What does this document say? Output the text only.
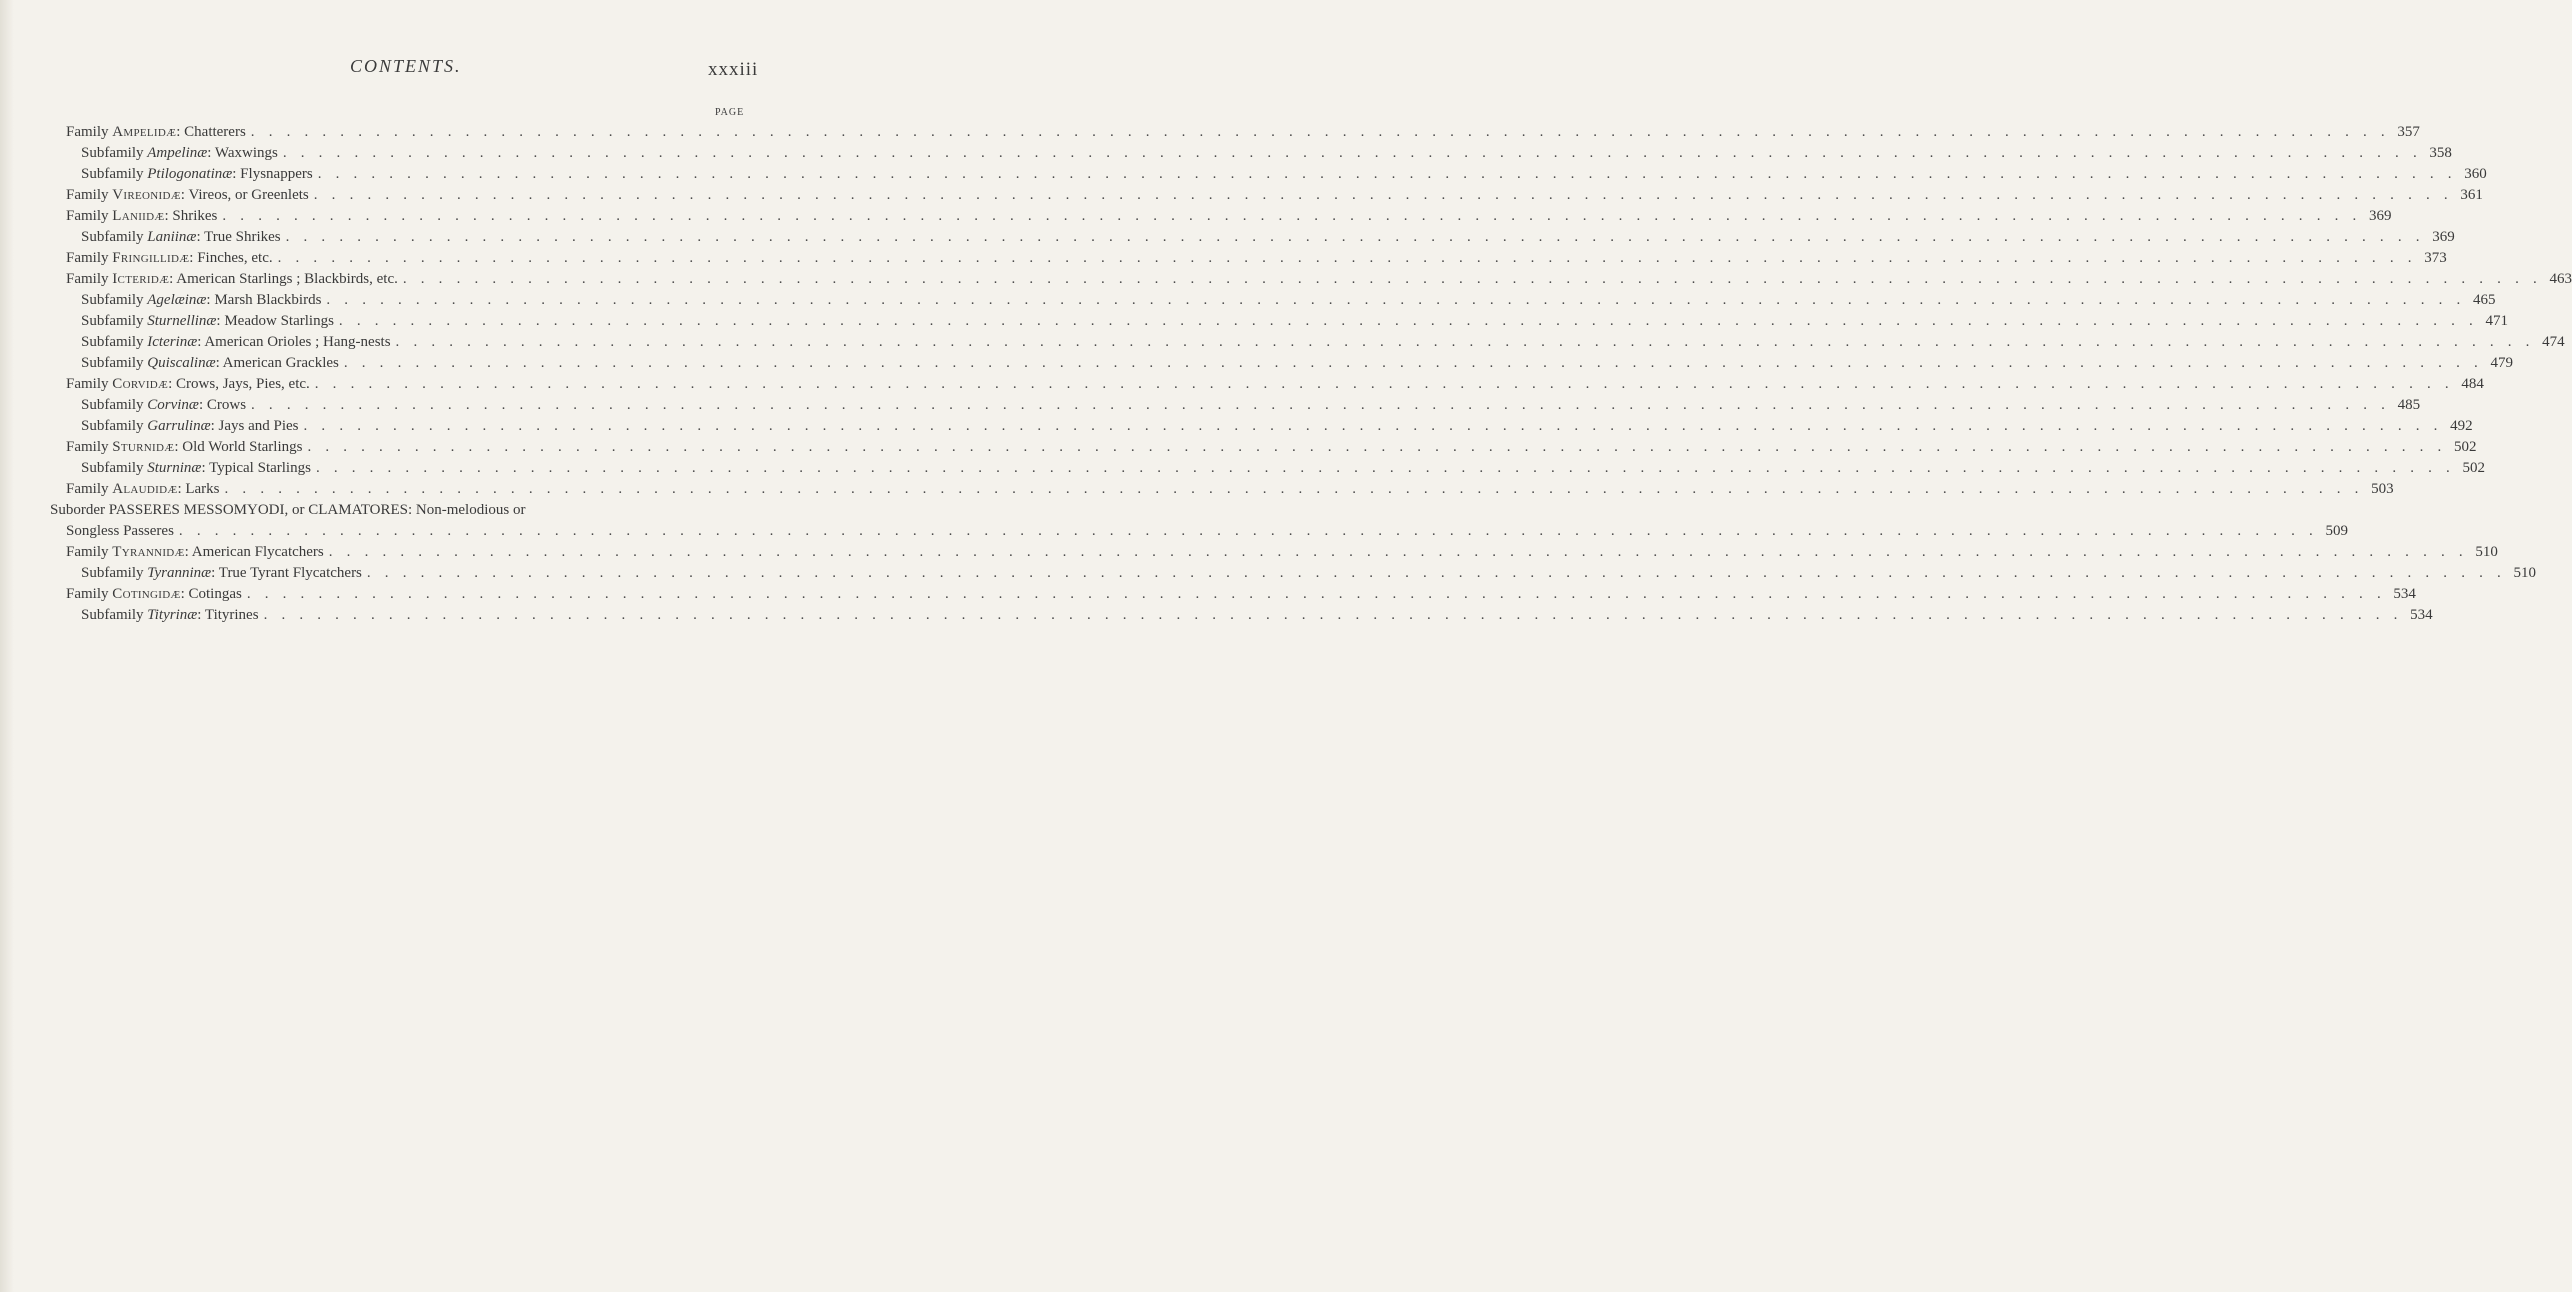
CONTENTS.	xxxiii
PAGE
Family Ampelidæ: Chatterers . . . . . . . . . . . . . . . . . . . . . . . . . . . . . . . . . . . . . . . . . . . . . . . . . . . . . . . . . . . . . . . . . . . . . . . . . . . . . . . . . . . . . . . . . . . . . . . . . . . . . . . . . . . . . . . . . . . . . . . . 357
Subfamily Ampelinæ: Waxwings . . . . . . . . . . . . . . . . . . . . . . . . . . . . . . . . . . . . . . . . . . . . . . . . . . . . . . . . . . . . . . . . . . . . . . . . . . . . . . . . . . . . . . . . . . . . . . . . . . . . . . . . . . . . . . . . . . . . . . . . 358
Subfamily Ptilogonatinæ: Flysnappers . . . . . . . . . . . . . . . . . . . . . . . . . . . . . . . . . . . . . . . . . . . . . . . . . . . . . . . . . . . . . . . . . . . . . . . . . . . . . . . . . . . . . . . . . . . . . . . . . . . . . . . . . . . . . . . . . . . . . . . . 360
Family Vireonidæ: Vireos, or Greenlets . . . . . . . . . . . . . . . . . . . . . . . . . . . . . . . . . . . . . . . . . . . . . . . . . . . . . . . . . . . . . . . . . . . . . . . . . . . . . . . . . . . . . . . . . . . . . . . . . . . . . . . . . . . . . . . . . . . . . . . . 361
Family Laniidæ: Shrikes . . . . . . . . . . . . . . . . . . . . . . . . . . . . . . . . . . . . . . . . . . . . . . . . . . . . . . . . . . . . . . . . . . . . . . . . . . . . . . . . . . . . . . . . . . . . . . . . . . . . . . . . . . . . . . . . . . . . . . . . 369
Subfamily Laniinæ: True Shrikes . . . . . . . . . . . . . . . . . . . . . . . . . . . . . . . . . . . . . . . . . . . . . . . . . . . . . . . . . . . . . . . . . . . . . . . . . . . . . . . . . . . . . . . . . . . . . . . . . . . . . . . . . . . . . . . . . . . . . . . . 369
Family Fringillidæ: Finches, etc. . . . . . . . . . . . . . . . . . . . . . . . . . . . . . . . . . . . . . . . . . . . . . . . . . . . . . . . . . . . . . . . . . . . . . . . . . . . . . . . . . . . . . . . . . . . . . . . . . . . . . . . . . . . . . . . . . . . . . . . . 373
Family Icteridæ: American Starlings ; Blackbirds, etc. . . . . . . . . . . . . . . . . . . . . . . . . . . . . . . . . . . . . . . . . . . . . . . . . . . . . . . . . . . . . . . . . . . . . . . . . . . . . . . . . . . . . . . . . . . . . . . . . . . . . . . . . . . . . . . . . . . . . . . . . 463
Subfamily Agelæinæ: Marsh Blackbirds . . . . . . . . . . . . . . . . . . . . . . . . . . . . . . . . . . . . . . . . . . . . . . . . . . . . . . . . . . . . . . . . . . . . . . . . . . . . . . . . . . . . . . . . . . . . . . . . . . . . . . . . . . . . . . . . . . . . . . . . 465
Subfamily Sturnellinæ: Meadow Starlings . . . . . . . . . . . . . . . . . . . . . . . . . . . . . . . . . . . . . . . . . . . . . . . . . . . . . . . . . . . . . . . . . . . . . . . . . . . . . . . . . . . . . . . . . . . . . . . . . . . . . . . . . . . . . . . . . . . . . . . . 471
Subfamily Icterinæ: American Orioles ; Hang-nests . . . . . . . . . . . . . . . . . . . . . . . . . . . . . . . . . . . . . . . . . . . . . . . . . . . . . . . . . . . . . . . . . . . . . . . . . . . . . . . . . . . . . . . . . . . . . . . . . . . . . . . . . . . . . . . . . . . . . . . . 474
Subfamily Quiscalinæ: American Grackles . . . . . . . . . . . . . . . . . . . . . . . . . . . . . . . . . . . . . . . . . . . . . . . . . . . . . . . . . . . . . . . . . . . . . . . . . . . . . . . . . . . . . . . . . . . . . . . . . . . . . . . . . . . . . . . . . . . . . . . . 479
Family Corvidæ: Crows, Jays, Pies, etc. . . . . . . . . . . . . . . . . . . . . . . . . . . . . . . . . . . . . . . . . . . . . . . . . . . . . . . . . . . . . . . . . . . . . . . . . . . . . . . . . . . . . . . . . . . . . . . . . . . . . . . . . . . . . . . . . . . . . . . . . 484
Subfamily Corvinæ: Crows . . . . . . . . . . . . . . . . . . . . . . . . . . . . . . . . . . . . . . . . . . . . . . . . . . . . . . . . . . . . . . . . . . . . . . . . . . . . . . . . . . . . . . . . . . . . . . . . . . . . . . . . . . . . . . . . . . . . . . . . 485
Subfamily Garrulinæ: Jays and Pies . . . . . . . . . . . . . . . . . . . . . . . . . . . . . . . . . . . . . . . . . . . . . . . . . . . . . . . . . . . . . . . . . . . . . . . . . . . . . . . . . . . . . . . . . . . . . . . . . . . . . . . . . . . . . . . . . . . . . . . . 492
Family Sturnidæ: Old World Starlings . . . . . . . . . . . . . . . . . . . . . . . . . . . . . . . . . . . . . . . . . . . . . . . . . . . . . . . . . . . . . . . . . . . . . . . . . . . . . . . . . . . . . . . . . . . . . . . . . . . . . . . . . . . . . . . . . . . . . . . . 502
Subfamily Sturninæ: Typical Starlings . . . . . . . . . . . . . . . . . . . . . . . . . . . . . . . . . . . . . . . . . . . . . . . . . . . . . . . . . . . . . . . . . . . . . . . . . . . . . . . . . . . . . . . . . . . . . . . . . . . . . . . . . . . . . . . . . . . . . . . . 502
Family Alaudidæ: Larks . . . . . . . . . . . . . . . . . . . . . . . . . . . . . . . . . . . . . . . . . . . . . . . . . . . . . . . . . . . . . . . . . . . . . . . . . . . . . . . . . . . . . . . . . . . . . . . . . . . . . . . . . . . . . . . . . . . . . . . . 503
Suborder PASSERES MESSOMYODI, or CLAMATORES: Non-melodious or
Songless Passeres . . . . . . . . . . . . . . . . . . . . . . . . . . . . . . . . . . . . . . . . . . . . . . . . . . . . . . . . . . . . . . . . . . . . . . . . . . . . . . . . . . . . . . . . . . . . . . . . . . . . . . . . . . . . . . . . . . . . . . . . 509
Family Tyrannidæ: American Flycatchers . . . . . . . . . . . . . . . . . . . . . . . . . . . . . . . . . . . . . . . . . . . . . . . . . . . . . . . . . . . . . . . . . . . . . . . . . . . . . . . . . . . . . . . . . . . . . . . . . . . . . . . . . . . . . . . . . . . . . . . . 510
Subfamily Tyranninæ: True Tyrant Flycatchers . . . . . . . . . . . . . . . . . . . . . . . . . . . . . . . . . . . . . . . . . . . . . . . . . . . . . . . . . . . . . . . . . . . . . . . . . . . . . . . . . . . . . . . . . . . . . . . . . . . . . . . . . . . . . . . . . . . . . . . . 510
Family Cotingidæ: Cotingas . . . . . . . . . . . . . . . . . . . . . . . . . . . . . . . . . . . . . . . . . . . . . . . . . . . . . . . . . . . . . . . . . . . . . . . . . . . . . . . . . . . . . . . . . . . . . . . . . . . . . . . . . . . . . . . . . . . . . . . . 534
Subfamily Tityrinæ: Tityrines . . . . . . . . . . . . . . . . . . . . . . . . . . . . . . . . . . . . . . . . . . . . . . . . . . . . . . . . . . . . . . . . . . . . . . . . . . . . . . . . . . . . . . . . . . . . . . . . . . . . . . . . . . . . . . . . . . . . . . . . 534
